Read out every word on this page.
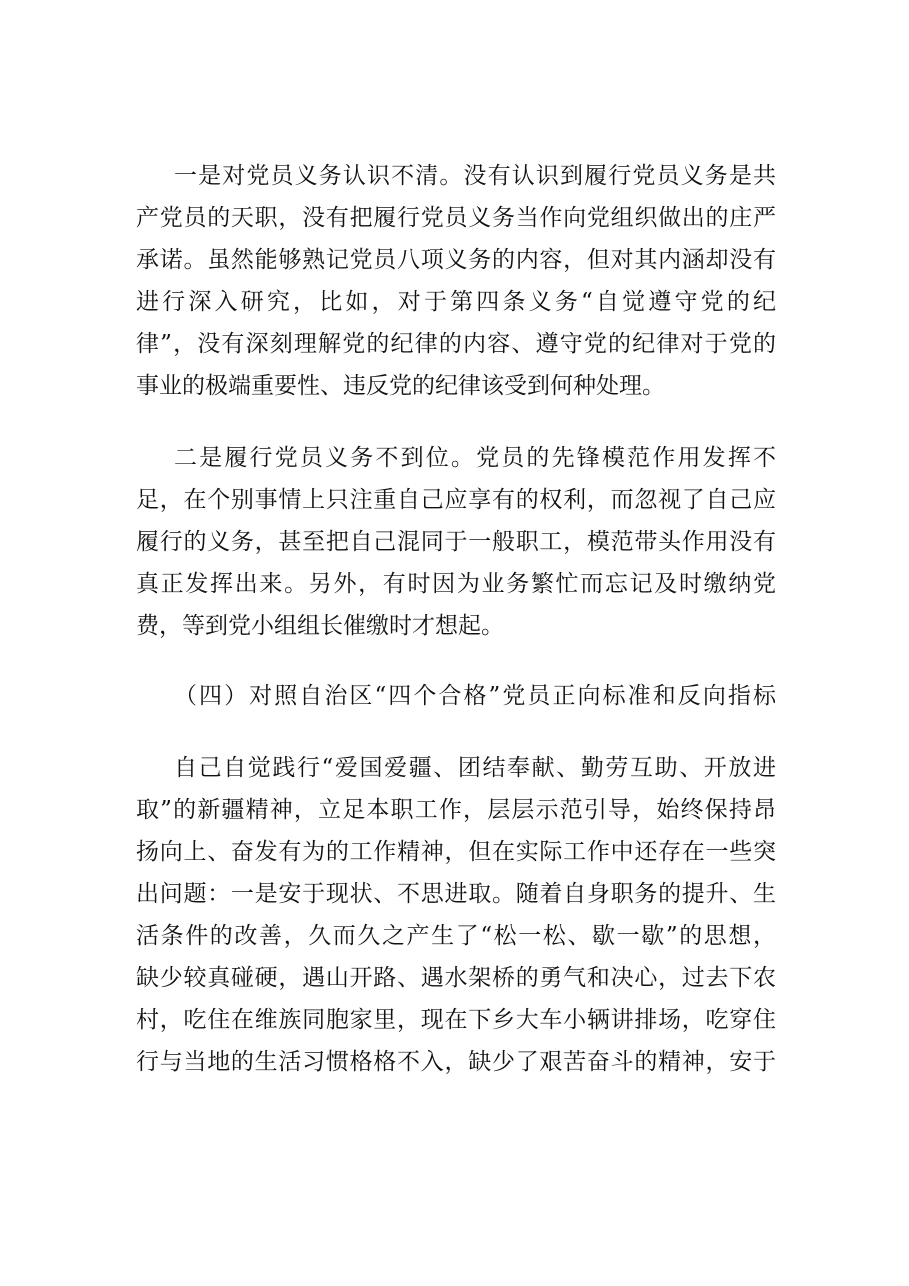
一是对党员义务认识不清。没有认识到履行党员义务是共
产党员的天职，没有把履行党员义务当作向党组织做出的庄严
承诺。虽然能够熟记党员八项义务的内容，但对其内涵却没有
进行深入研究，比如，对于第四条义务“自觉遵守党的纪
律”，没有深刻理解党的纪律的内容、遵守党的纪律对于党的
事业的极端重要性、违反党的纪律该受到何种处理。
二是履行党员义务不到位。党员的先锋模范作用发挥不
足，在个别事情上只注重自己应享有的权利，而忽视了自己应
履行的义务，甚至把自己混同于一般职工，模范带头作用没有
真正发挥出来。另外，有时因为业务繁忙而忘记及时缴纳党
费，等到党小组组长催缴时才想起。
（四）对照自治区“四个合格”党员正向标准和反向指标
自己自觉践行“爱国爱疆、团结奉献、勤劳互助、开放进
取”的新疆精神，立足本职工作，层层示范引导，始终保持昂
扬向上、奋发有为的工作精神，但在实际工作中还存在一些突
出问题：一是安于现状、不思进取。随着自身职务的提升、生
活条件的改善，久而久之产生了“松一松、歇一歇”的思想，
缺少较真碰硬，遇山开路、遇水架桥的勇气和决心，过去下农
村，吃住在维族同胞家里，现在下乡大车小辆讲排场，吃穿住
行与当地的生活习惯格格不入，缺少了艰苦奋斗的精神，安于
